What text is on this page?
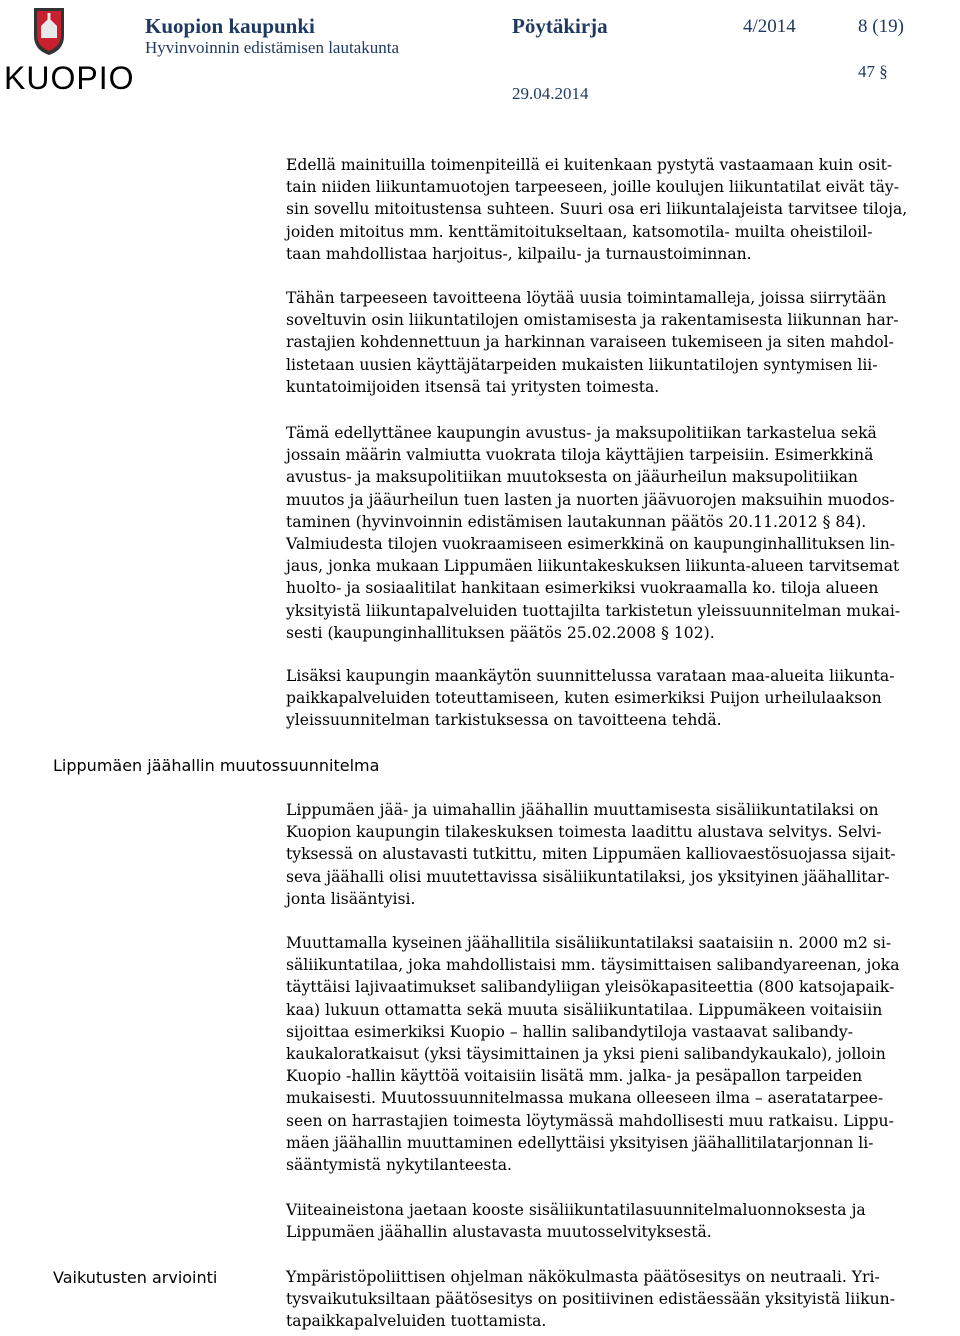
KUOPIO
Kuopion kaupunki
Hyvinvoinnin edistämisen lautakunta
Pöytäkirja	4/2014	8 (19)
47 §
29.04.2014
Lippumäen jäähallin muutossuunnitelma
Vaikutusten arviointi
Edellä mainituilla toimenpiteillä ei kuitenkaan pystytä vastaamaan kuin osit-
tain niiden liikuntamuotojen tarpeeseen, joille koulujen liikuntatilat eivät täy-
sin sovellu mitoitustensa suhteen. Suuri osa eri liikuntalajeista tarvitsee tiloja,
joiden mitoitus mm. kenttämitoitukseltaan, katsomotila- muilta oheistiloil-
taan mahdollistaa harjoitus-, kilpailu- ja turnaustoiminnan.
Tähän tarpeeseen tavoitteena löytää uusia toimintamalleja, joissa siirrytään
soveltuvin osin liikuntatilojen omistamisesta ja rakentamisesta liikunnan har-
rastajien kohdennettuun ja harkinnan varaiseen tukemiseen ja siten mahdol-
listetaan uusien käyttäjätarpeiden mukaisten liikuntatilojen syntymisen lii-
kuntatoimijoiden itsensä tai yritysten toimesta.
Tämä edellyttänee kaupungin avustus- ja maksupolitiikan tarkastelua sekä
jossain määrin valmiutta vuokrata tiloja käyttäjien tarpeisiin. Esimerkkinä
avustus- ja maksupolitiikan muutoksesta on jääurheilun maksupolitiikan
muutos ja jääurheilun tuen lasten ja nuorten jäävuorojen maksuihin muodos-
taminen (hyvinvoinnin edistämisen lautakunnan päätös 20.11.2012 § 84).
Valmiudesta tilojen vuokraamiseen esimerkkinä on kaupunginhallituksen lin-
jaus, jonka mukaan Lippumäen liikuntakeskuksen liikunta-alueen tarvitsemat
huolto- ja sosiaalitilat hankitaan esimerkiksi vuokraamalla ko. tiloja alueen
yksityistä liikuntapalveluiden tuottajilta tarkistetun yleissuunnitelman mukai-
sesti (kaupunginhallituksen päätös 25.02.2008 § 102).
Lisäksi kaupungin maankäytön suunnittelussa varataan maa-alueita liikunta-
paikkapalveluiden toteuttamiseen, kuten esimerkiksi Puijon urheilulaakson
yleissuunnitelman tarkistuksessa on tavoitteena tehdä.
Lippumäen jää- ja uimahallin jäähallin muuttamisesta sisäliikuntatilaksi on
Kuopion kaupungin tilakeskuksen toimesta laadittu alustava selvitys. Selvi-
tyksessä on alustavasti tutkittu, miten Lippumäen kalliovaestösuojassa sijait-
seva jäähalli olisi muutettavissa sisäliikuntatilaksi, jos yksityinen jäähallitar-
jonta lisääntyisi.
Muuttamalla kyseinen jäähallitila sisäliikuntatilaksi saataisiin n. 2000 m2 si-
säliikuntatilaa, joka mahdollistaisi mm. täysimittaisen salibandyareenan, joka
täyttäisi lajivaatimukset salibandyliigan yleisökapasiteettia (800 katsojapaik-
kaa) lukuun ottamatta sekä muuta sisäliikuntatilaa. Lippumäkeen voitaisiin
sijoittaa esimerkiksi Kuopio – hallin salibandytiloja vastaavat salibandy-
kaukaloratkaisut (yksi täysimittainen ja yksi pieni salibandykaukalo), jolloin
Kuopio -hallin käyttöä voitaisiin lisätä mm. jalka- ja pesäpallon tarpeiden
mukaisesti. Muutossuunnitelmassa mukana olleeseen ilma – aseratatarpee-
seen on harrastajien toimesta löytymässä mahdollisesti muu ratkaisu. Lippu-
mäen jäähallin muuttaminen edellyttäisi yksityisen jäähallitilatarjonnan li-
sääntymistä nykytilanteesta.
Viiteaineistona jaetaan kooste sisäliikuntatilasuunnitelmaluonnoksesta ja
Lippumäen jäähallin alustavasta muutosselvityksestä.
Ympäristöpoliittisen ohjelman näkökulmasta päätösesitys on neutraali. Yri-
tysvaikutuksiltaan päätösesitys on positiivinen edistäessään yksityistä liikun-
tapaikkapalveluiden tuottamista.
